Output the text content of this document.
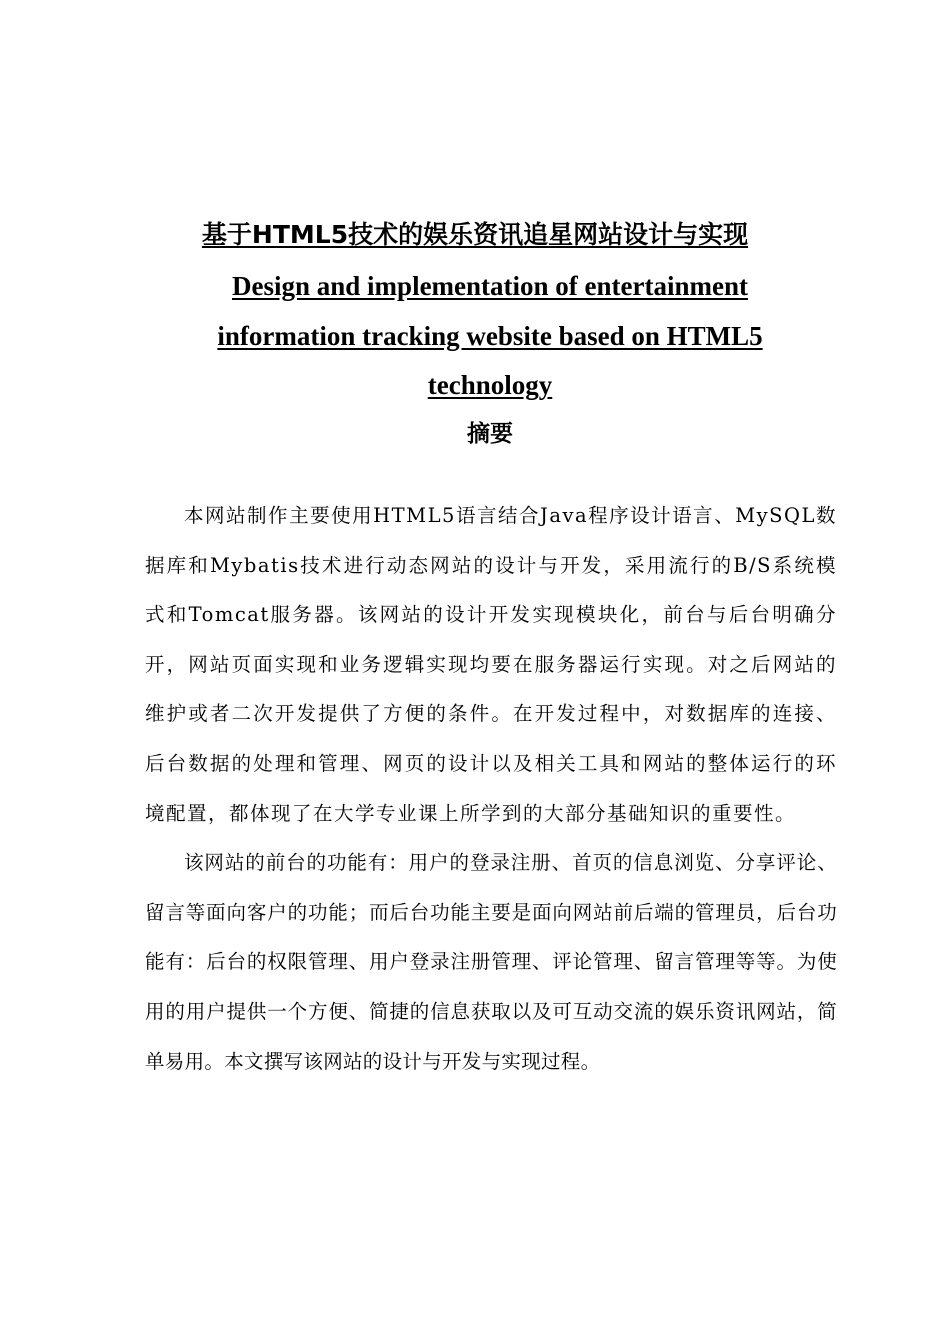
基于HTML5技术的娱乐资讯追星网站设计与实现
Design and implementation of entertainment information tracking website based on HTML5 technology
摘要

本网站制作主要使用HTML5语言结合Java程序设计语言、MySQL数据库和Mybatis技术进行动态网站的设计与开发，采用流行的B/S系统模式和Tomcat服务器。该网站的设计开发实现模块化，前台与后台明确分开，网站页面实现和业务逻辑实现均要在服务器运行实现。对之后网站的维护或者二次开发提供了方便的条件。在开发过程中，对数据库的连接、后台数据的处理和管理、网页的设计以及相关工具和网站的整体运行的环境配置，都体现了在大学专业课上所学到的大部分基础知识的重要性。

该网站的前台的功能有：用户的登录注册、首页的信息浏览、分享评论、留言等面向客户的功能；而后台功能主要是面向网站前后端的管理员，后台功能有：后台的权限管理、用户登录注册管理、评论管理、留言管理等等。为使用的用户提供一个方便、简捷的信息获取以及可互动交流的娱乐资讯网站，简单易用。本文撰写该网站的设计与开发与实现过程。
